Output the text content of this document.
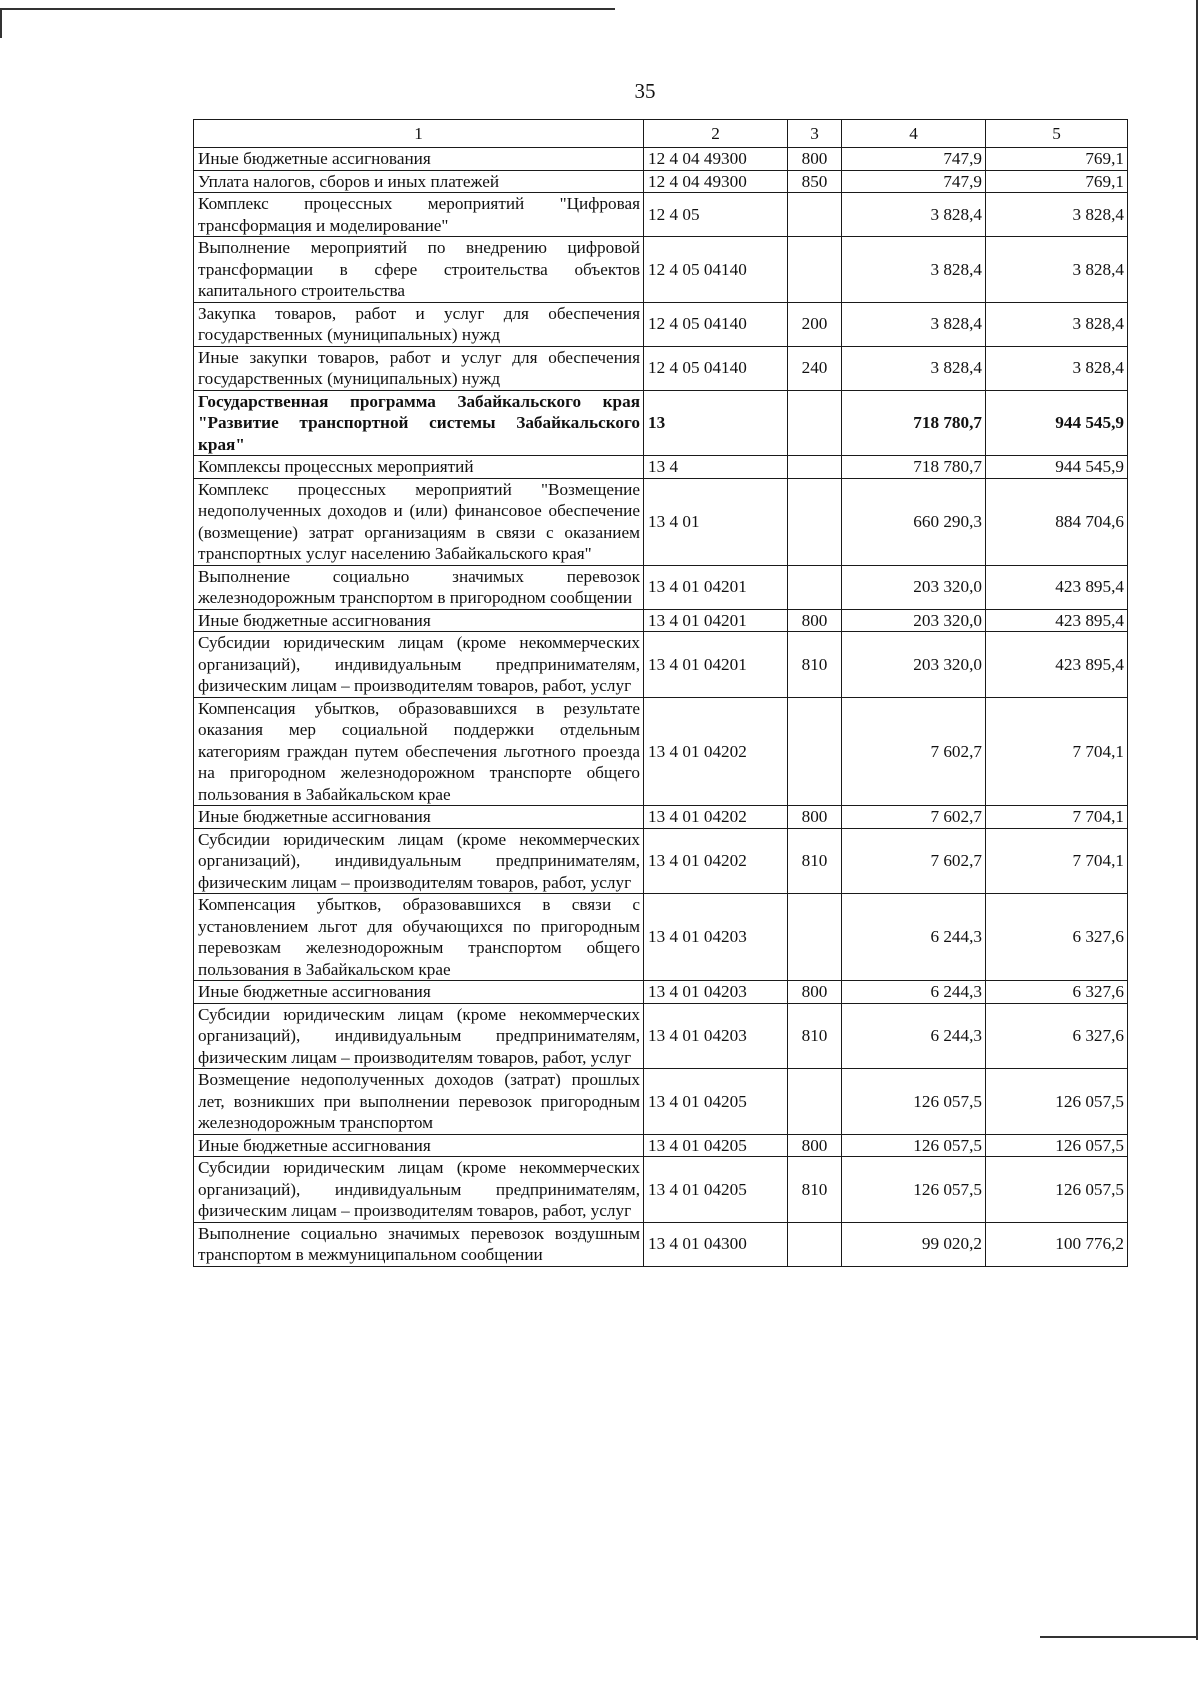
35
1	2	3	4	5
Иные бюджетные ассигнования	12 4 04 49300	800	747,9	769,1
Уплата налогов, сборов и иных платежей	12 4 04 49300	850	747,9	769,1
Комплекс процессных мероприятий "Цифровая трансформация и моделирование"	12 4 05		3 828,4	3 828,4
Выполнение мероприятий по внедрению цифровой трансформации в сфере строительства объектов капитального строительства	12 4 05 04140		3 828,4	3 828,4
Закупка товаров, работ и услуг для обеспечения государственных (муниципальных) нужд	12 4 05 04140	200	3 828,4	3 828,4
Иные закупки товаров, работ и услуг для обеспечения государственных (муниципальных) нужд	12 4 05 04140	240	3 828,4	3 828,4
Государственная программа Забайкальского края "Развитие транспортной системы Забайкальского края"	13		718 780,7	944 545,9
Комплексы процессных мероприятий	13 4		718 780,7	944 545,9
Комплекс процессных мероприятий "Возмещение недополученных доходов и (или) финансовое обеспечение (возмещение) затрат организациям в связи с оказанием транспортных услуг населению Забайкальского края"	13 4 01		660 290,3	884 704,6
Выполнение социально значимых перевозок железнодорожным транспортом в пригородном сообщении	13 4 01 04201		203 320,0	423 895,4
Иные бюджетные ассигнования	13 4 01 04201	800	203 320,0	423 895,4
Субсидии юридическим лицам (кроме некоммерческих организаций), индивидуальным предпринимателям, физическим лицам – производителям товаров, работ, услуг	13 4 01 04201	810	203 320,0	423 895,4
Компенсация убытков, образовавшихся в результате оказания мер социальной поддержки отдельным категориям граждан путем обеспечения льготного проезда на пригородном железнодорожном транспорте общего пользования в Забайкальском крае	13 4 01 04202		7 602,7	7 704,1
Иные бюджетные ассигнования	13 4 01 04202	800	7 602,7	7 704,1
Субсидии юридическим лицам (кроме некоммерческих организаций), индивидуальным предпринимателям, физическим лицам – производителям товаров, работ, услуг	13 4 01 04202	810	7 602,7	7 704,1
Компенсация убытков, образовавшихся в связи с установлением льгот для обучающихся по пригородным перевозкам железнодорожным транспортом общего пользования в Забайкальском крае	13 4 01 04203		6 244,3	6 327,6
Иные бюджетные ассигнования	13 4 01 04203	800	6 244,3	6 327,6
Субсидии юридическим лицам (кроме некоммерческих организаций), индивидуальным предпринимателям, физическим лицам – производителям товаров, работ, услуг	13 4 01 04203	810	6 244,3	6 327,6
Возмещение недополученных доходов (затрат) прошлых лет, возникших при выполнении перевозок пригородным железнодорожным транспортом	13 4 01 04205		126 057,5	126 057,5
Иные бюджетные ассигнования	13 4 01 04205	800	126 057,5	126 057,5
Субсидии юридическим лицам (кроме некоммерческих организаций), индивидуальным предпринимателям, физическим лицам – производителям товаров, работ, услуг	13 4 01 04205	810	126 057,5	126 057,5
Выполнение социально значимых перевозок воздушным транспортом в межмуниципальном сообщении	13 4 01 04300		99 020,2	100 776,2
